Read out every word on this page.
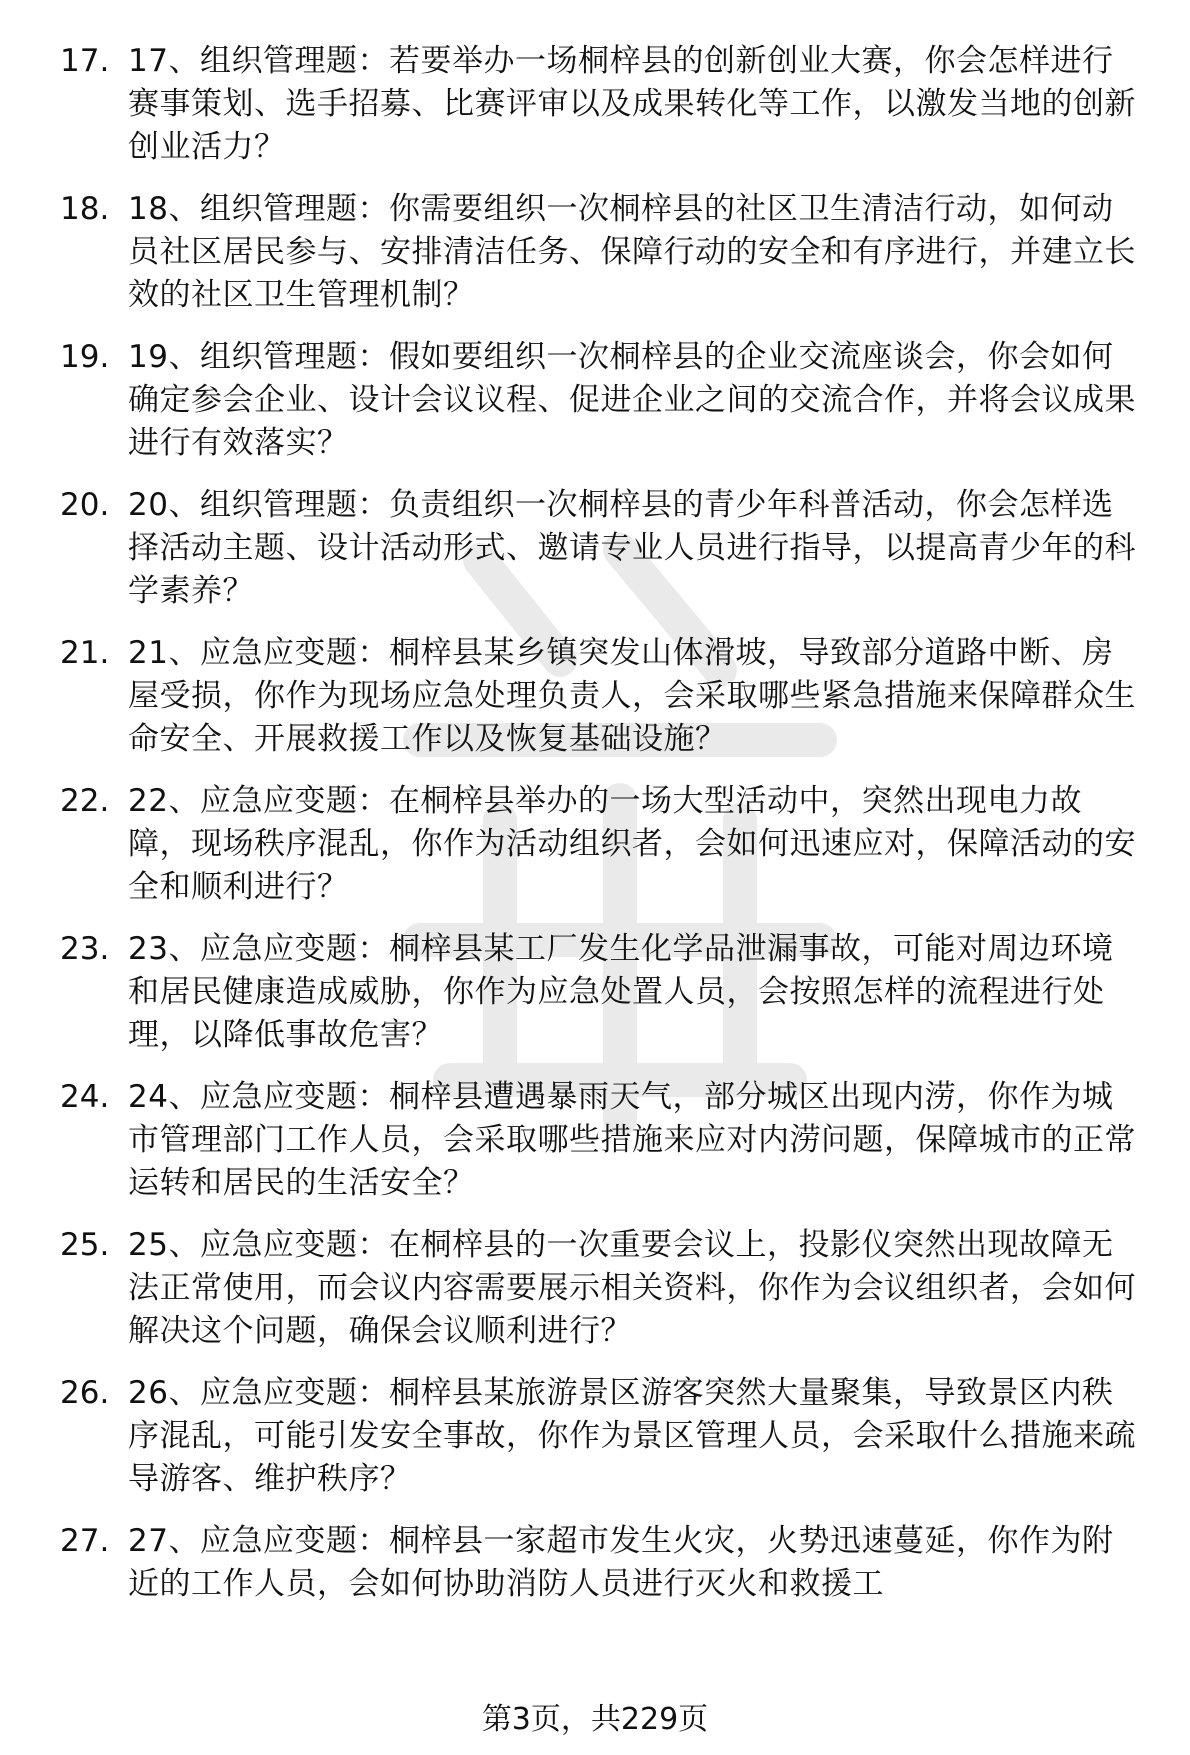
17. 17、组织管理题：若要举办一场桐梓县的创新创业大赛，你会怎样进行赛事策划、选手招募、比赛评审以及成果转化等工作，以激发当地的创新创业活力？
18. 18、组织管理题：你需要组织一次桐梓县的社区卫生清洁行动，如何动员社区居民参与、安排清洁任务、保障行动的安全和有序进行，并建立长效的社区卫生管理机制？
19. 19、组织管理题：假如要组织一次桐梓县的企业交流座谈会，你会如何确定参会企业、设计会议议程、促进企业之间的交流合作，并将会议成果进行有效落实？
20. 20、组织管理题：负责组织一次桐梓县的青少年科普活动，你会怎样选择活动主题、设计活动形式、邀请专业人员进行指导，以提高青少年的科学素养？
21. 21、应急应变题：桐梓县某乡镇突发山体滑坡，导致部分道路中断、房屋受损，你作为现场应急处理负责人，会采取哪些紧急措施来保障群众生命安全、开展救援工作以及恢复基础设施？
22. 22、应急应变题：在桐梓县举办的一场大型活动中，突然出现电力故障，现场秩序混乱，你作为活动组织者，会如何迅速应对，保障活动的安全和顺利进行？
23. 23、应急应变题：桐梓县某工厂发生化学品泄漏事故，可能对周边环境和居民健康造成威胁，你作为应急处置人员，会按照怎样的流程进行处理，以降低事故危害？
24. 24、应急应变题：桐梓县遭遇暴雨天气，部分城区出现内涝，你作为城市管理部门工作人员，会采取哪些措施来应对内涝问题，保障城市的正常运转和居民的生活安全？
25. 25、应急应变题：在桐梓县的一次重要会议上，投影仪突然出现故障无法正常使用，而会议内容需要展示相关资料，你作为会议组织者，会如何解决这个问题，确保会议顺利进行？
26. 26、应急应变题：桐梓县某旅游景区游客突然大量聚集，导致景区内秩序混乱，可能引发安全事故，你作为景区管理人员，会采取什么措施来疏导游客、维护秩序？
27. 27、应急应变题：桐梓县一家超市发生火灾，火势迅速蔓延，你作为附近的工作人员，会如何协助消防人员进行灭火和救援工
第3页，共229页
